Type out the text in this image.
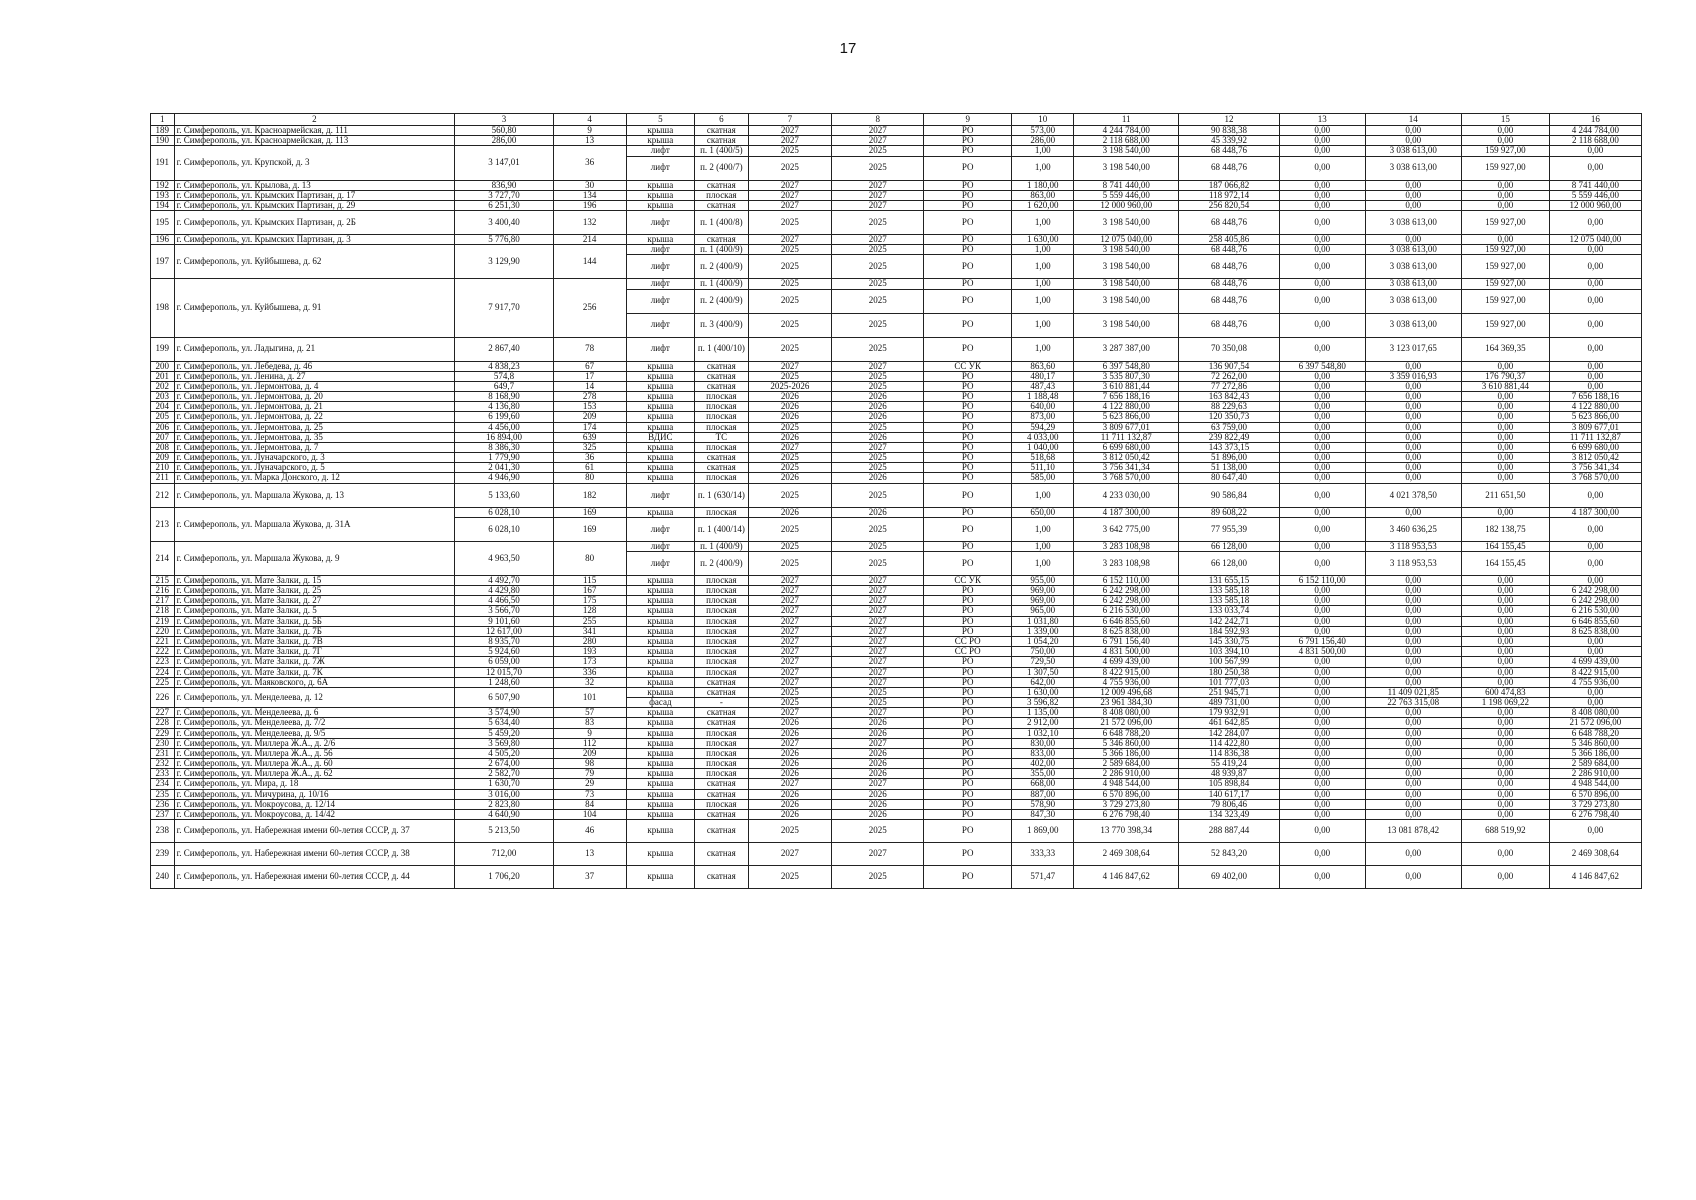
17
1	2	3	4	5	6	7	8	9	10	11	12	13	14	15	16
189	г. Симферополь, ул. Красноармейская, д. 111	560,80	9	крыша	скатная	2027	2027	РО	573,00	4 244 784,00	90 838,38	0,00	0,00	0,00	4 244 784,00
190	г. Симферополь, ул. Красноармейская, д. 113	286,00	13	крыша	скатная	2027	2027	РО	286,00	2 118 688,00	45 339,92	0,00	0,00	0,00	2 118 688,00
191	г. Симферополь, ул. Крупской, д. 3	3 147,01	36	лифт	п. 1 (400/5)	2025	2025	РО	1,00	3 198 540,00	68 448,76	0,00	3 038 613,00	159 927,00	0,00
				лифт	п. 2 (400/7)	2025	2025	РО	1,00	3 198 540,00	68 448,76	0,00	3 038 613,00	159 927,00	0,00
192	г. Симферополь, ул. Крылова, д. 13	836,90	30	крыша	скатная	2027	2027	РО	1 180,00	8 741 440,00	187 066,82	0,00	0,00	0,00	8 741 440,00
193	г. Симферополь, ул. Крымских Партизан, д. 17	3 727,70	134	крыша	плоская	2027	2027	РО	863,00	5 559 446,00	118 972,14	0,00	0,00	0,00	5 559 446,00
194	г. Симферополь, ул. Крымских Партизан, д. 29	6 251,30	196	крыша	скатная	2027	2027	РО	1 620,00	12 000 960,00	256 820,54	0,00	0,00	0,00	12 000 960,00
195	г. Симферополь, ул. Крымских Партизан, д. 2Б	3 400,40	132	лифт	п. 1 (400/8)	2025	2025	РО	1,00	3 198 540,00	68 448,76	0,00	3 038 613,00	159 927,00	0,00
196	г. Симферополь, ул. Крымских Партизан, д. 3	5 776,80	214	крыша	скатная	2027	2027	РО	1 630,00	12 075 040,00	258 405,86	0,00	0,00	0,00	12 075 040,00
197	г. Симферополь, ул. Куйбышева, д. 62	3 129,90	144	лифт	п. 1 (400/9)	2025	2025	РО	1,00	3 198 540,00	68 448,76	0,00	3 038 613,00	159 927,00	0,00
				лифт	п. 2 (400/9)	2025	2025	РО	1,00	3 198 540,00	68 448,76	0,00	3 038 613,00	159 927,00	0,00
198	г. Симферополь, ул. Куйбышева, д. 91	7 917,70	256	лифт	п. 1 (400/9)	2025	2025	РО	1,00	3 198 540,00	68 448,76	0,00	3 038 613,00	159 927,00	0,00
				лифт	п. 2 (400/9)	2025	2025	РО	1,00	3 198 540,00	68 448,76	0,00	3 038 613,00	159 927,00	0,00
				лифт	п. 3 (400/9)	2025	2025	РО	1,00	3 198 540,00	68 448,76	0,00	3 038 613,00	159 927,00	0,00
199	г. Симферополь, ул. Ладыгина, д. 21	2 867,40	78	лифт	п. 1 (400/10)	2025	2025	РО	1,00	3 287 387,00	70 350,08	0,00	3 123 017,65	164 369,35	0,00
200	г. Симферополь, ул. Лебедева, д. 46	4 838,23	67	крыша	скатная	2027	2027	СС УК	863,60	6 397 548,80	136 907,54	6 397 548,80	0,00	0,00	0,00
201	г. Симферополь, ул. Ленина, д. 27	574,8	17	крыша	скатная	2025	2025	РО	480,17	3 535 807,30	72 262,00	0,00	3 359 016,93	176 790,37	0,00
202	г. Симферополь, ул. Лермонтова, д. 4	649,7	14	крыша	скатная	2025-2026	2025	РО	487,43	3 610 881,44	77 272,86	0,00	0,00	3 610 881,44	0,00
203	г. Симферополь, ул. Лермонтова, д. 20	8 168,90	278	крыша	плоская	2026	2026	РО	1 188,48	7 656 188,16	163 842,43	0,00	0,00	0,00	7 656 188,16
204	г. Симферополь, ул. Лермонтова, д. 21	4 136,80	153	крыша	плоская	2026	2026	РО	640,00	4 122 880,00	88 229,63	0,00	0,00	0,00	4 122 880,00
205	г. Симферополь, ул. Лермонтова, д. 22	6 199,60	209	крыша	плоская	2026	2026	РО	873,00	5 623 866,00	120 350,73	0,00	0,00	0,00	5 623 866,00
206	г. Симферополь, ул. Лермонтова, д. 25	4 456,00	174	крыша	плоская	2025	2025	РО	594,29	3 809 677,01	63 759,00	0,00	0,00	0,00	3 809 677,01
207	г. Симферополь, ул. Лермонтова, д. 35	16 894,00	639	ВДИС	ТС	2026	2026	РО	4 033,00	11 711 132,87	239 822,49	0,00	0,00	0,00	11 711 132,87
208	г. Симферополь, ул. Лермонтова, д. 7	8 386,30	325	крыша	плоская	2027	2027	РО	1 040,00	6 699 680,00	143 373,15	0,00	0,00	0,00	6 699 680,00
209	г. Симферополь, ул. Луначарского, д. 3	1 779,90	36	крыша	скатная	2025	2025	РО	518,68	3 812 050,42	51 896,00	0,00	0,00	0,00	3 812 050,42
210	г. Симферополь, ул. Луначарского, д. 5	2 041,30	61	крыша	скатная	2025	2025	РО	511,10	3 756 341,34	51 138,00	0,00	0,00	0,00	3 756 341,34
211	г. Симферополь, ул. Марка Донского, д. 12	4 946,90	80	крыша	плоская	2026	2026	РО	585,00	3 768 570,00	80 647,40	0,00	0,00	0,00	3 768 570,00
212	г. Симферополь, ул. Маршала Жукова, д. 13	5 133,60	182	лифт	п. 1 (630/14)	2025	2025	РО	1,00	4 233 030,00	90 586,84	0,00	4 021 378,50	211 651,50	0,00
213	г. Симферополь, ул. Маршала Жукова, д. 31А	6 028,10	169	крыша	плоская	2026	2026	РО	650,00	4 187 300,00	89 608,22	0,00	0,00	0,00	4 187 300,00
		6 028,10	169	лифт	п. 1 (400/14)	2025	2025	РО	1,00	3 642 775,00	77 955,39	0,00	3 460 636,25	182 138,75	0,00
214	г. Симферополь, ул. Маршала Жукова, д. 9	4 963,50	80	лифт	п. 1 (400/9)	2025	2025	РО	1,00	3 283 108,98	66 128,00	0,00	3 118 953,53	164 155,45	0,00
				лифт	п. 2 (400/9)	2025	2025	РО	1,00	3 283 108,98	66 128,00	0,00	3 118 953,53	164 155,45	0,00
215	г. Симферополь, ул. Мате Залки, д. 15	4 492,70	115	крыша	плоская	2027	2027	СС УК	955,00	6 152 110,00	131 655,15	6 152 110,00	0,00	0,00	0,00
216	г. Симферополь, ул. Мате Залки, д. 25	4 429,80	167	крыша	плоская	2027	2027	РО	969,00	6 242 298,00	133 585,18	0,00	0,00	0,00	6 242 298,00
217	г. Симферополь, ул. Мате Залки, д. 27	4 466,50	175	крыша	плоская	2027	2027	РО	969,00	6 242 298,00	133 585,18	0,00	0,00	0,00	6 242 298,00
218	г. Симферополь, ул. Мате Залки, д. 5	3 566,70	128	крыша	плоская	2027	2027	РО	965,00	6 216 530,00	133 033,74	0,00	0,00	0,00	6 216 530,00
219	г. Симферополь, ул. Мате Залки, д. 5Б	9 101,60	255	крыша	плоская	2027	2027	РО	1 031,80	6 646 855,60	142 242,71	0,00	0,00	0,00	6 646 855,60
220	г. Симферополь, ул. Мате Залки, д. 7Б	12 617,00	341	крыша	плоская	2027	2027	РО	1 339,00	8 625 838,00	184 592,93	0,00	0,00	0,00	8 625 838,00
221	г. Симферополь, ул. Мате Залки, д. 7В	8 935,70	280	крыша	плоская	2027	2027	СС РО	1 054,20	6 791 156,40	145 330,75	6 791 156,40	0,00	0,00	0,00
222	г. Симферополь, ул. Мате Залки, д. 7Г	5 924,60	193	крыша	плоская	2027	2027	СС РО	750,00	4 831 500,00	103 394,10	4 831 500,00	0,00	0,00	0,00
223	г. Симферополь, ул. Мате Залки, д. 7Ж	6 059,00	173	крыша	плоская	2027	2027	РО	729,50	4 699 439,00	100 567,99	0,00	0,00	0,00	4 699 439,00
224	г. Симферополь, ул. Мате Залки, д. 7К	12 015,70	336	крыша	плоская	2027	2027	РО	1 307,50	8 422 915,00	180 250,38	0,00	0,00	0,00	8 422 915,00
225	г. Симферополь, ул. Маяковского, д. 6А	1 248,60	32	крыша	скатная	2027	2027	РО	642,00	4 755 936,00	101 777,03	0,00	0,00	0,00	4 755 936,00
226	г. Симферополь, ул. Менделеева, д. 12	6 507,90	101	крыша	скатная	2025	2025	РО	1 630,00	12 009 496,68	251 945,71	0,00	11 409 021,85	600 474,83	0,00
				фасад	-	2025	2025	РО	3 596,82	23 961 384,30	489 731,00	0,00	22 763 315,08	1 198 069,22	0,00
227	г. Симферополь, ул. Менделеева, д. 6	3 574,90	57	крыша	скатная	2027	2027	РО	1 135,00	8 408 080,00	179 932,91	0,00	0,00	0,00	8 408 080,00
228	г. Симферополь, ул. Менделеева, д. 7/2	5 634,40	83	крыша	скатная	2026	2026	РО	2 912,00	21 572 096,00	461 642,85	0,00	0,00	0,00	21 572 096,00
229	г. Симферополь, ул. Менделеева, д. 9/5	5 459,20	9	крыша	плоская	2026	2026	РО	1 032,10	6 648 788,20	142 284,07	0,00	0,00	0,00	6 648 788,20
230	г. Симферополь, ул. Миллера Ж.А., д. 2/6	3 569,80	112	крыша	плоская	2027	2027	РО	830,00	5 346 860,00	114 422,80	0,00	0,00	0,00	5 346 860,00
231	г. Симферополь, ул. Миллера Ж.А., д. 56	4 505,20	209	крыша	плоская	2026	2026	РО	833,00	5 366 186,00	114 836,38	0,00	0,00	0,00	5 366 186,00
232	г. Симферополь, ул. Миллера Ж.А., д. 60	2 674,00	98	крыша	плоская	2026	2026	РО	402,00	2 589 684,00	55 419,24	0,00	0,00	0,00	2 589 684,00
233	г. Симферополь, ул. Миллера Ж.А., д. 62	2 582,70	79	крыша	плоская	2026	2026	РО	355,00	2 286 910,00	48 939,87	0,00	0,00	0,00	2 286 910,00
234	г. Симферополь, ул. Мира, д. 18	1 630,70	29	крыша	скатная	2027	2027	РО	668,00	4 948 544,00	105 898,84	0,00	0,00	0,00	4 948 544,00
235	г. Симферополь, ул. Мичурина, д. 10/16	3 016,00	73	крыша	скатная	2026	2026	РО	887,00	6 570 896,00	140 617,17	0,00	0,00	0,00	6 570 896,00
236	г. Симферополь, ул. Мокроусова, д. 12/14	2 823,80	84	крыша	плоская	2026	2026	РО	578,90	3 729 273,80	79 806,46	0,00	0,00	0,00	3 729 273,80
237	г. Симферополь, ул. Мокроусова, д. 14/42	4 640,90	104	крыша	скатная	2026	2026	РО	847,30	6 276 798,40	134 323,49	0,00	0,00	0,00	6 276 798,40
238	г. Симферополь, ул. Набережная имени 60-летия СССР, д. 37	5 213,50	46	крыша	скатная	2025	2025	РО	1 869,00	13 770 398,34	288 887,44	0,00	13 081 878,42	688 519,92	0,00
239	г. Симферополь, ул. Набережная имени 60-летия СССР, д. 38	712,00	13	крыша	скатная	2027	2027	РО	333,33	2 469 308,64	52 843,20	0,00	0,00	0,00	2 469 308,64
240	г. Симферополь, ул. Набережная имени 60-летия СССР, д. 44	1 706,20	37	крыша	скатная	2025	2025	РО	571,47	4 146 847,62	69 402,00	0,00	0,00	0,00	4 146 847,62
